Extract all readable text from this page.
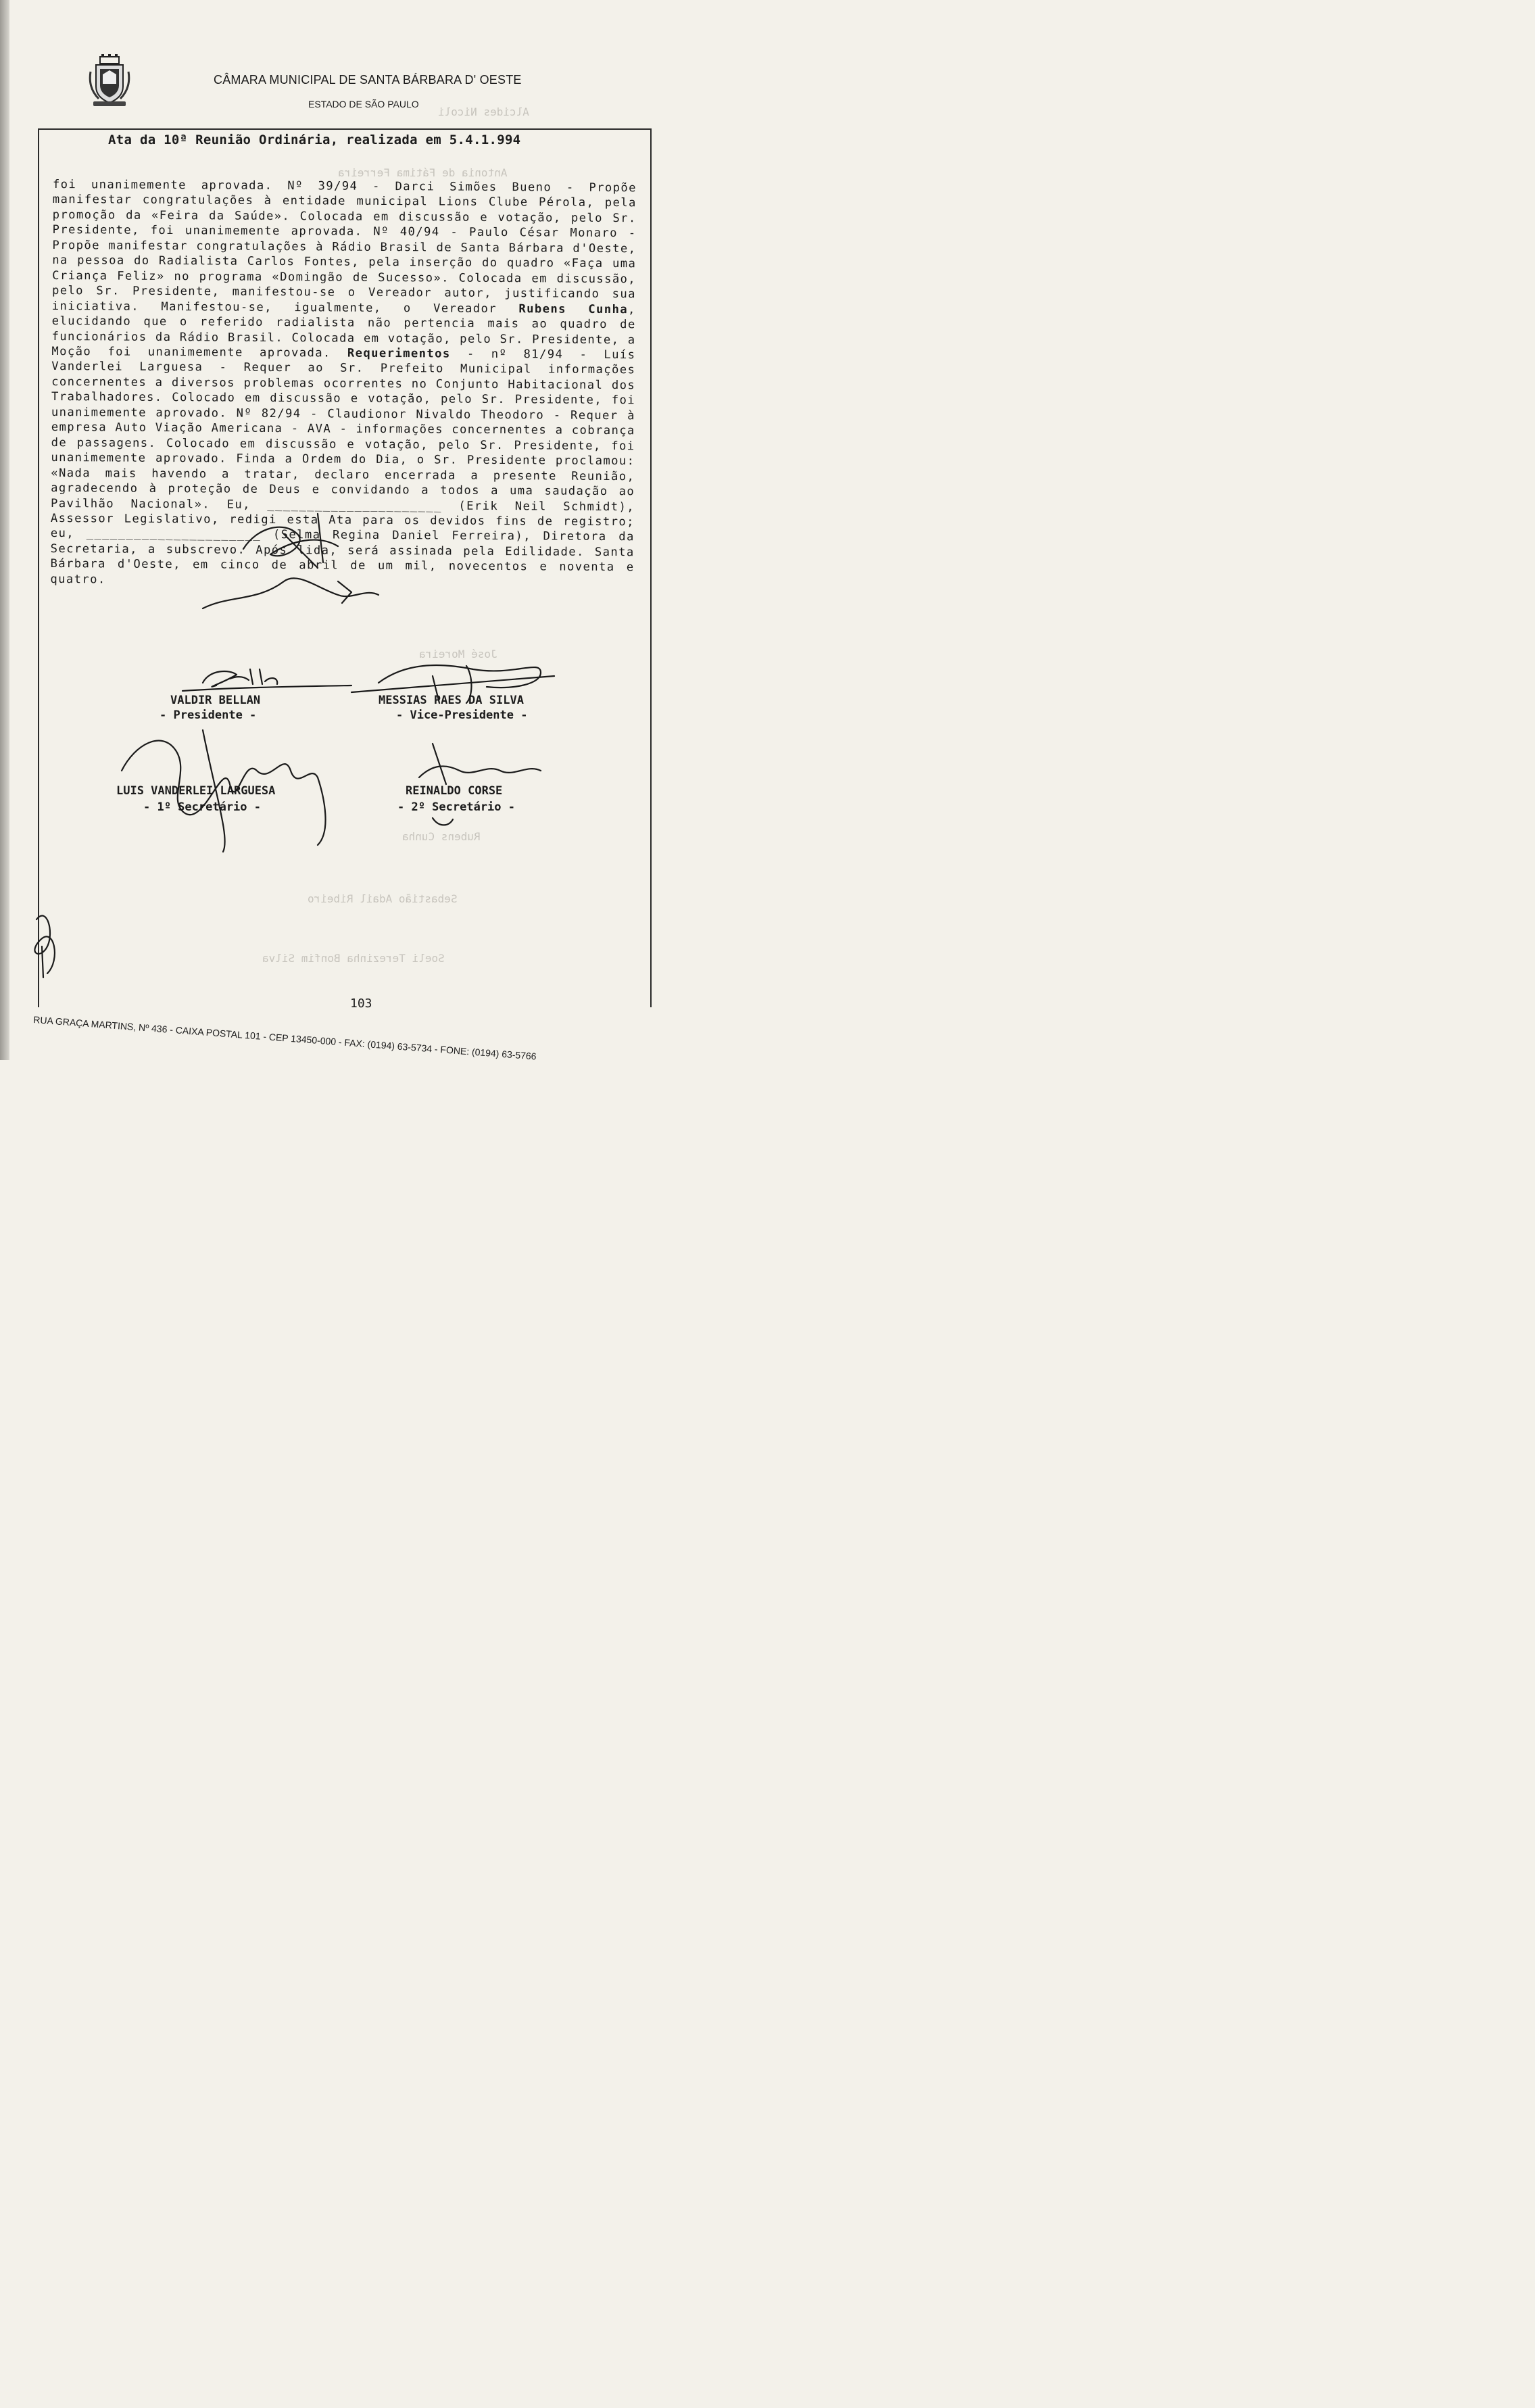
Alcides Nicoli
Antonia de Fátima Ferreira
José Moreira
Rubens Cunha
Sebastião Adail Ribeiro
Soeli Terezinha Bonfim Silva
CÂMARA MUNICIPAL DE SANTA BÁRBARA D' OESTE
ESTADO DE SÃO PAULO
Ata da 10ª Reunião Ordinária, realizada em 5.4.1.994

foi unanimemente aprovada. Nº 39/94 - Darci Simões Bueno - Propõe manifestar congratulações à entidade municipal Lions Clube Pérola, pela promoção da «Feira da Saúde». Colocada em discussão e votação, pelo Sr. Presidente, foi unanimemente aprovada. Nº 40/94 - Paulo César Monaro - Propõe manifestar congratulações à Rádio Brasil de Santa Bárbara d'Oeste, na pessoa do Radialista Carlos Fontes, pela inserção do quadro «Faça uma Criança Feliz» no programa «Domingão de Sucesso». Colocada em discussão, pelo Sr. Presidente, manifestou-se o Vereador autor, justificando sua iniciativa. Manifestou-se, igualmente, o Vereador Rubens Cunha, elucidando que o referido radialista não pertencia mais ao quadro de funcionários da Rádio Brasil. Colocada em votação, pelo Sr. Presidente, a Moção foi unanimemente aprovada. Requerimentos - nº 81/94 - Luís Vanderlei Larguesa - Requer ao Sr. Prefeito Municipal informações concernentes a diversos problemas ocorrentes no Conjunto Habitacional dos Trabalhadores. Colocado em discussão e votação, pelo Sr. Presidente, foi unanimemente aprovado. Nº 82/94 - Claudionor Nivaldo Theodoro - Requer à empresa Auto Viação Americana - AVA - informações concernentes a cobrança de passagens. Colocado em discussão e votação, pelo Sr. Presidente, foi unanimemente aprovado. Finda a Ordem do Dia, o Sr. Presidente proclamou: «Nada mais havendo a tratar, declaro encerrada a presente Reunião, agradecendo à proteção de Deus e convidando a todos a uma saudação ao Pavilhão Nacional». Eu, ______________________ (Erik Neil Schmidt), Assessor Legislativo, redigi esta Ata para os devidos fins de registro; eu, ______________________ (Selma Regina Daniel Ferreira), Diretora da Secretaria, a subscrevo. Após lida, será assinada pela Edilidade. Santa Bárbara d'Oeste, em cinco de abril de um mil, novecentos e noventa e quatro.

VALDIR BELLAN
- Presidente -
MESSIAS PAES DA SILVA
- Vice-Presidente -
LUIS VANDERLEI LARGUESA
- 1º Secretário -
REINALDO CORSE
- 2º Secretário -
103
RUA GRAÇA MARTINS, Nº 436 - CAIXA POSTAL 101 - CEP 13450-000 - FAX: (0194) 63-5734 - FONE: (0194) 63-5766
